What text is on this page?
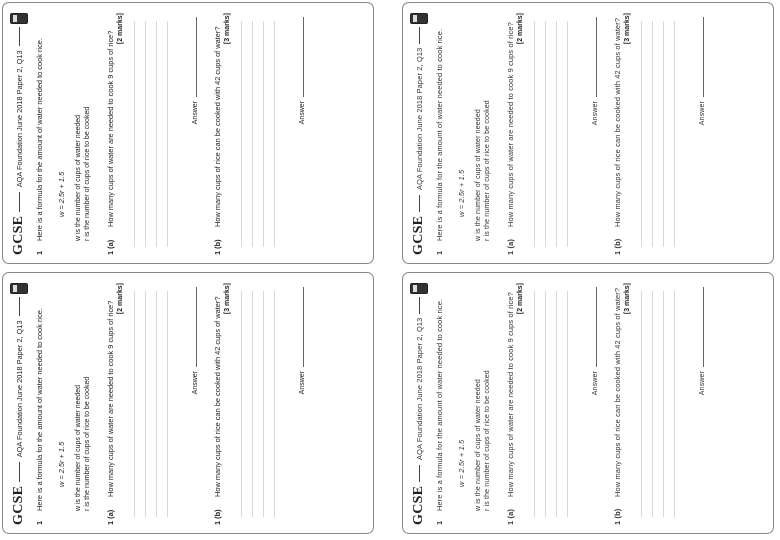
GCSE
AQA Foundation June 2018 Paper 2, Q13
1
Here is a formula for the amount of water needed to cook rice. w = 2.5r + 1.5 w is the number of cups of water needed r is the number of cups of rice to be cooked
1 (a)
How many cups of water are needed to cook 9 cups of rice?
[2 marks]
Answer
1 (b)
How many cups of rice can be cooked with 42 cups of water? [3 marks]
Answer
GCSE
AQA Foundation June 2018 Paper 2, Q13
1
Here is a formula for the amount of water needed to cook rice. w = 2.5r + 1.5 w is the number of cups of water needed r is the number of cups of rice to be cooked
1 (a)
How many cups of water are needed to cook 9 cups of rice? [2 marks]
Answer
1 (b)
How many cups of rice can be cooked with 42 cups of water? [3 marks]
Answer
GCSE
AQA Foundation June 2018 Paper 2, Q13
1
Here is a formula for the amount of water needed to cook rice. w = 2.5r + 1.5 w is the number of cups of water needed r is the number of cups of rice to be cooked
1 (a)
How many cups of water are needed to cook 9 cups of rice?
[2 marks]
Answer
1 (b)
How many cups of rice can be cooked with 42 cups of water? [3 marks]
Answer
GCSE
AQA Foundation June 2018 Paper 2, Q13
1
Here is a formula for the amount of water needed to cook rice. w = 2.5r + 1.5 w is the number of cups of water needed r is the number of cups of rice to be cooked
1 (a)
How many cups of water are needed to cook 9 cups of rice? [2 marks]
Answer
1 (b)
How many cups of rice can be cooked with 42 cups of water? [3 marks]
Answer
